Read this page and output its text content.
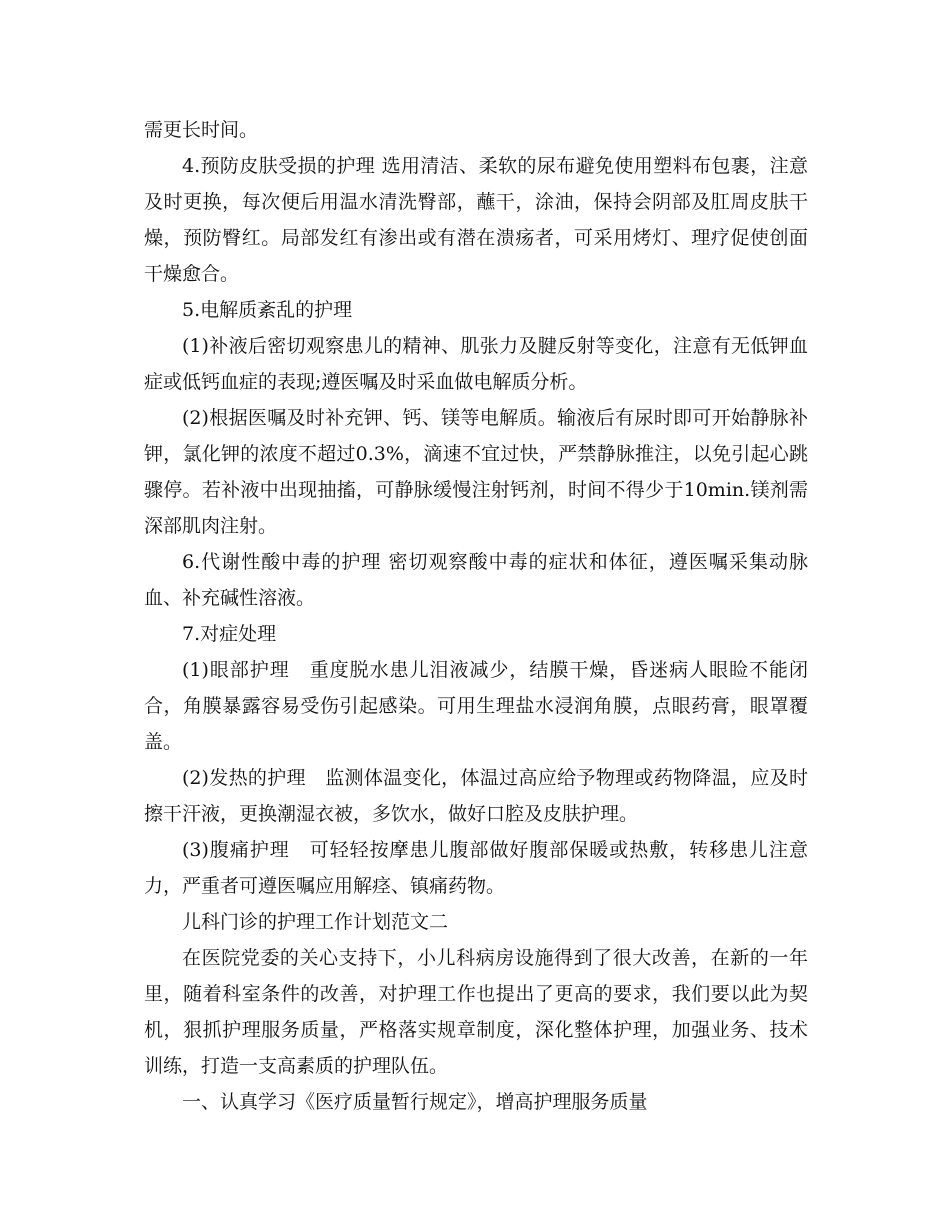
需更长时间。

4.预防皮肤受损的护理 选用清洁、柔软的尿布避免使用塑料布包裹，注意及时更换，每次便后用温水清洗臀部，蘸干，涂油，保持会阴部及肛周皮肤干燥，预防臀红。局部发红有渗出或有潜在溃疡者，可采用烤灯、理疗促使创面干燥愈合。

5.电解质紊乱的护理

(1)补液后密切观察患儿的精神、肌张力及腱反射等变化，注意有无低钾血症或低钙血症的表现;遵医嘱及时采血做电解质分析。

(2)根据医嘱及时补充钾、钙、镁等电解质。输液后有尿时即可开始静脉补钾，氯化钾的浓度不超过0.3%，滴速不宜过快，严禁静脉推注，以免引起心跳骤停。若补液中出现抽搐，可静脉缓慢注射钙剂，时间不得少于10min.镁剂需深部肌肉注射。

6.代谢性酸中毒的护理 密切观察酸中毒的症状和体征，遵医嘱采集动脉血、补充碱性溶液。

7.对症处理

(1)眼部护理　重度脱水患儿泪液减少，结膜干燥，昏迷病人眼睑不能闭合，角膜暴露容易受伤引起感染。可用生理盐水浸润角膜，点眼药膏，眼罩覆盖。

(2)发热的护理　监测体温变化，体温过高应给予物理或药物降温，应及时擦干汗液，更换潮湿衣被，多饮水，做好口腔及皮肤护理。

(3)腹痛护理　可轻轻按摩患儿腹部做好腹部保暖或热敷，转移患儿注意力，严重者可遵医嘱应用解痉、镇痛药物。

儿科门诊的护理工作计划范文二

在医院党委的关心支持下，小儿科病房设施得到了很大改善，在新的一年里，随着科室条件的改善，对护理工作也提出了更高的要求，我们要以此为契机，狠抓护理服务质量，严格落实规章制度，深化整体护理，加强业务、技术训练，打造一支高素质的护理队伍。

一、认真学习《医疗质量暂行规定》，增高护理服务质量
